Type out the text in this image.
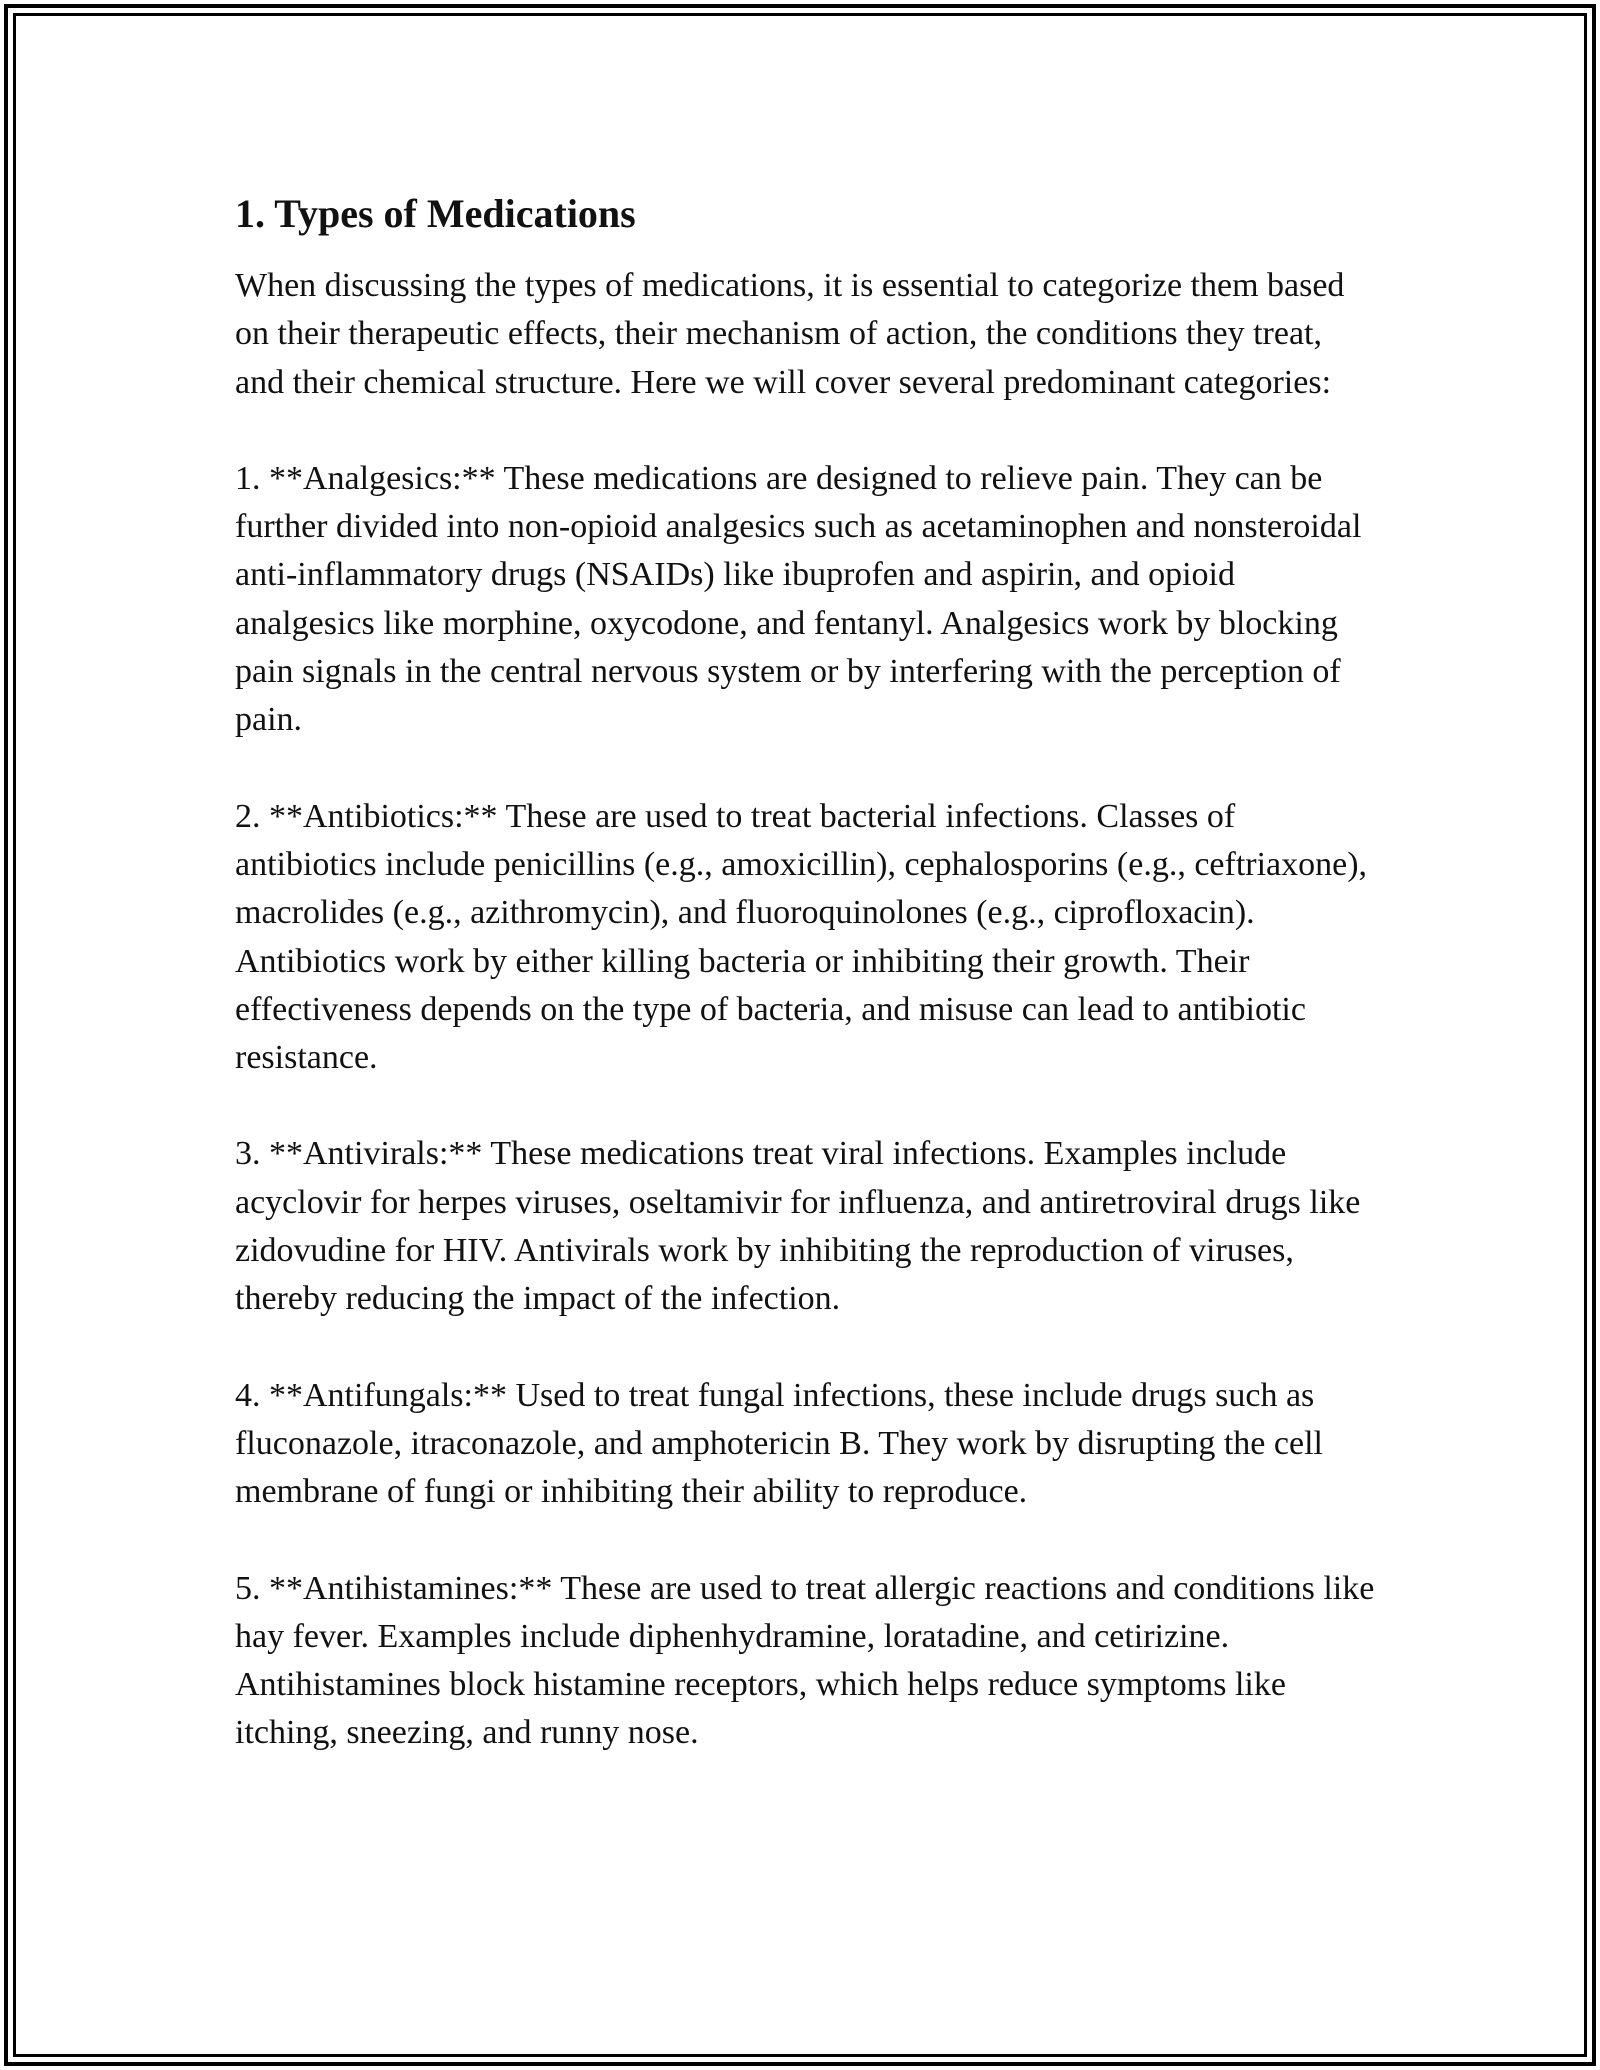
1. Types of Medications

When discussing the types of medications, it is essential to categorize them based on their therapeutic effects, their mechanism of action, the conditions they treat, and their chemical structure. Here we will cover several predominant categories:

1. **Analgesics:** These medications are designed to relieve pain. They can be further divided into non-opioid analgesics such as acetaminophen and nonsteroidal anti-inflammatory drugs (NSAIDs) like ibuprofen and aspirin, and opioid analgesics like morphine, oxycodone, and fentanyl. Analgesics work by blocking pain signals in the central nervous system or by interfering with the perception of pain.

2. **Antibiotics:** These are used to treat bacterial infections. Classes of antibiotics include penicillins (e.g., amoxicillin), cephalosporins (e.g., ceftriaxone), macrolides (e.g., azithromycin), and fluoroquinolones (e.g., ciprofloxacin). Antibiotics work by either killing bacteria or inhibiting their growth. Their effectiveness depends on the type of bacteria, and misuse can lead to antibiotic resistance.

3. **Antivirals:** These medications treat viral infections. Examples include acyclovir for herpes viruses, oseltamivir for influenza, and antiretroviral drugs like zidovudine for HIV. Antivirals work by inhibiting the reproduction of viruses, thereby reducing the impact of the infection.

4. **Antifungals:** Used to treat fungal infections, these include drugs such as fluconazole, itraconazole, and amphotericin B. They work by disrupting the cell membrane of fungi or inhibiting their ability to reproduce.

5. **Antihistamines:** These are used to treat allergic reactions and conditions like hay fever. Examples include diphenhydramine, loratadine, and cetirizine. Antihistamines block histamine receptors, which helps reduce symptoms like itching, sneezing, and runny nose.
